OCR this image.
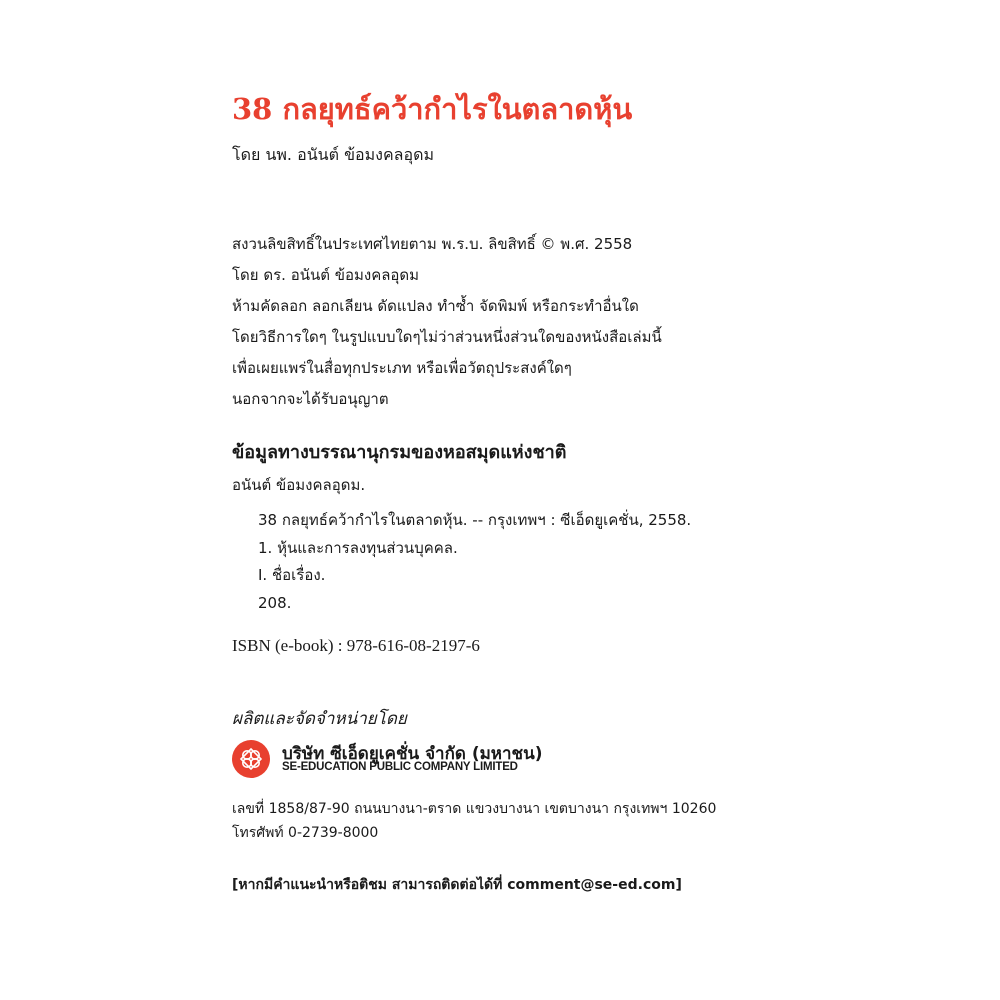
38 กลยุทธ์คว้ากำไรในตลาดหุ้น
โดย นพ. อนันต์ ข้อมงคลอุดม
สงวนลิขสิทธิ์ในประเทศไทยตาม พ.ร.บ. ลิขสิทธิ์ © พ.ศ. 2558
โดย ดร. อนันต์ ข้อมงคลอุดม
ห้ามคัดลอก ลอกเลียน ดัดแปลง ทำซ้ำ จัดพิมพ์ หรือกระทำอื่นใด
โดยวิธีการใดๆ ในรูปแบบใดๆไม่ว่าส่วนหนึ่งส่วนใดของหนังสือเล่มนี้
เพื่อเผยแพร่ในสื่อทุกประเภท หรือเพื่อวัตถุประสงค์ใดๆ
นอกจากจะได้รับอนุญาต
ข้อมูลทางบรรณานุกรมของหอสมุดแห่งชาติ
อนันต์ ข้อมงคลอุดม.
38 กลยุทธ์คว้ากำไรในตลาดหุ้น. -- กรุงเทพฯ : ซีเอ็ดยูเคชั่น, 2558.
1. หุ้นและการลงทุนส่วนบุคคล.
I. ชื่อเรื่อง.
208.
ISBN (e-book) : 978-616-08-2197-6
ผลิตและจัดจำหน่ายโดย
บริษัท ซีเอ็ดยูเคชั่น จำกัด (มหาชน)
SE-EDUCATION PUBLIC COMPANY LIMITED
เลขที่ 1858/87-90 ถนนบางนา-ตราด แขวงบางนา เขตบางนา กรุงเทพฯ 10260
โทรศัพท์ 0-2739-8000
[หากมีคำแนะนำหรือติชม สามารถติดต่อได้ที่ comment@se-ed.com]
